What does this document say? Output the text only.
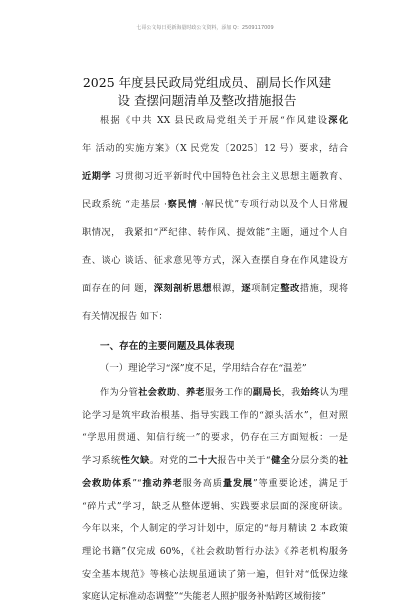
七哥公文每日更新海量时政公文资料，添加 Q：2509117009
2025 年度县民政局党组成员、副局长作风建
设 查摆问题清单及整改措施报告
根据《中共 XX 县民政局党组关于开展“作风建设深化
年 活动的实施方案》（X 民党发〔2025〕12 号）要求，结合
近期学 习贯彻习近平新时代中国特色社会主义思想主题教育、
民政系统 “走基层 ·察民情 ·解民忧”专项行动以及个人日常履
职情况， 我紧扣“严纪律、转作风、提效能”主题，通过个人自
查、谈心 谈话、征求意见等方式，深入查摆自身在作风建设方
面存在的问 题，深刻剖析思想根源，逐项制定整改措施，现将
有关情况报告 如下：
一、存在的主要问题及具体表现
（一）理论学习“深”度不足，学用结合存在“温差”
作为分管社会救助、养老服务工作的副局长，我始终认为理
论学习是筑牢政治根基、指导实践工作的“源头活水”，但对照
“学思用贯通、知信行统一”的要求，仍存在三方面短板：一是
学习系统性欠缺。对党的二十大报告中关于“健全分层分类的社
会救助体系”“推动养老服务高质量发展”等重要论述，满足于
“碎片式”学习，缺乏从整体逻辑、实践要求层面的深度研读。
今年以来，个人制定的学习计划中，原定的“每月精读 2 本政策
理论书籍”仅完成 60%，《社会救助暂行办法》《养老机构服务
安全基本规范》等核心法规虽通读了第一遍，但针对“低保边缘
家庭认定标准动态调整”“失能老人照护服务补贴跨区域衔接”
